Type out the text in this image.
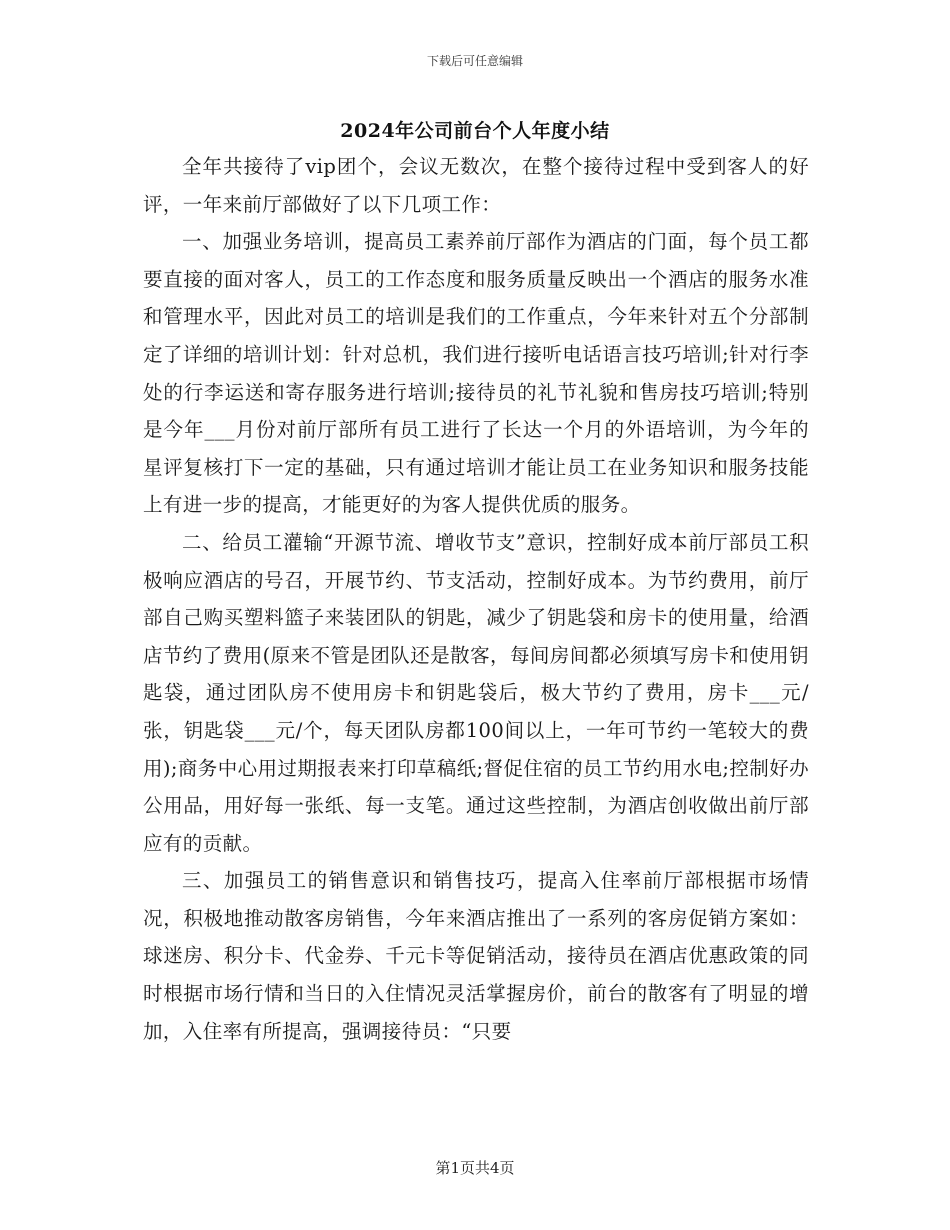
下载后可任意编辑
2024年公司前台个人年度小结

全年共接待了vip团个，会议无数次，在整个接待过程中受到客人的好评，一年来前厅部做好了以下几项工作：

一、加强业务培训，提高员工素养前厅部作为酒店的门面，每个员工都要直接的面对客人，员工的工作态度和服务质量反映出一个酒店的服务水准和管理水平，因此对员工的培训是我们的工作重点，今年来针对五个分部制定了详细的培训计划：针对总机，我们进行接听电话语言技巧培训;针对行李处的行李运送和寄存服务进行培训;接待员的礼节礼貌和售房技巧培训;特别是今年___月份对前厅部所有员工进行了长达一个月的外语培训，为今年的星评复核打下一定的基础，只有通过培训才能让员工在业务知识和服务技能上有进一步的提高，才能更好的为客人提供优质的服务。

二、给员工灌输“开源节流、增收节支”意识，控制好成本前厅部员工积极响应酒店的号召，开展节约、节支活动，控制好成本。为节约费用，前厅部自己购买塑料篮子来装团队的钥匙，减少了钥匙袋和房卡的使用量，给酒店节约了费用(原来不管是团队还是散客，每间房间都必须填写房卡和使用钥匙袋，通过团队房不使用房卡和钥匙袋后，极大节约了费用，房卡___元/张，钥匙袋___元/个，每天团队房都100间以上，一年可节约一笔较大的费用);商务中心用过期报表来打印草稿纸;督促住宿的员工节约用水电;控制好办公用品，用好每一张纸、每一支笔。通过这些控制，为酒店创收做出前厅部应有的贡献。

三、加强员工的销售意识和销售技巧，提高入住率前厅部根据市场情况，积极地推动散客房销售，今年来酒店推出了一系列的客房促销方案如：球迷房、积分卡、代金券、千元卡等促销活动，接待员在酒店优惠政策的同时根据市场行情和当日的入住情况灵活掌握房价，前台的散客有了明显的增加，入住率有所提高，强调接待员：“只要

第1页共4页
